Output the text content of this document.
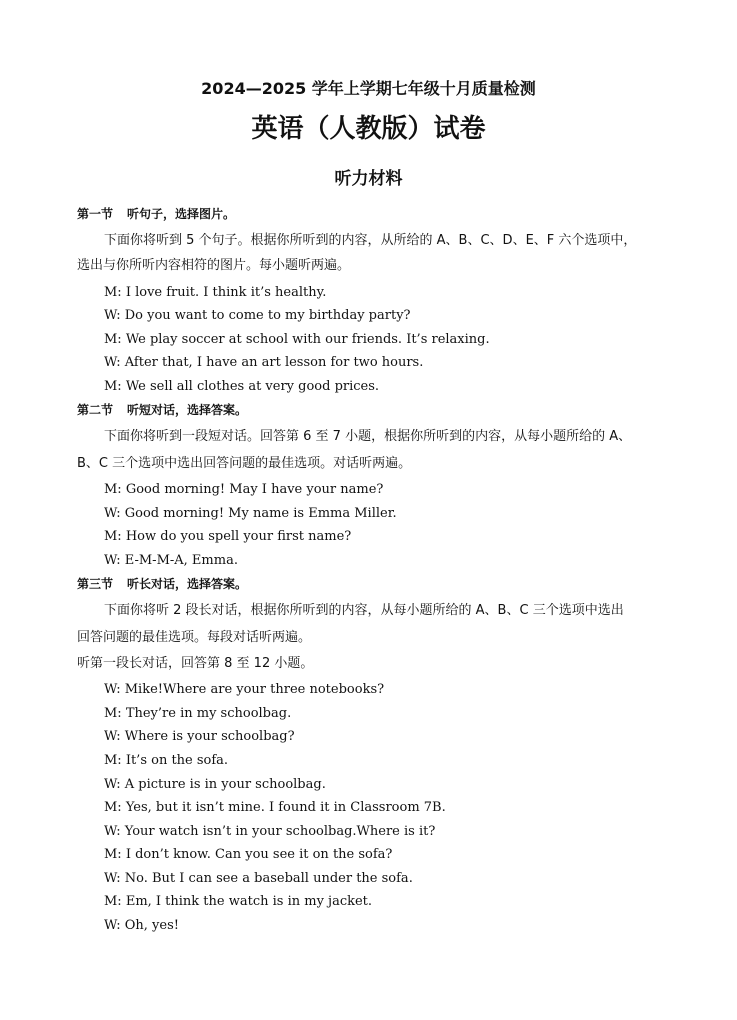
2024—2025 学年上学期七年级十月质量检测
英语（人教版）试卷
听力材料
第一节 听句子，选择图片。
下面你将听到 5 个句子。根据你所听到的内容，从所给的 A、B、C、D、E、F 六个选项中，
选出与你所听内容相符的图片。每小题听两遍。
M: I love fruit. I think it’s healthy.
W: Do you want to come to my birthday party?
M: We play soccer at school with our friends. It’s relaxing.
W: After that, I have an art lesson for two hours.
M: We sell all clothes at very good prices.
第二节 听短对话，选择答案。
下面你将听到一段短对话。回答第 6 至 7 小题，根据你所听到的内容，从每小题所给的 A、
B、C 三个选项中选出回答问题的最佳选项。对话听两遍。
M: Good morning! May I have your name?
W: Good morning! My name is Emma Miller.
M: How do you spell your first name?
W: E-M-M-A, Emma.
第三节 听长对话，选择答案。
下面你将听 2 段长对话，根据你所听到的内容，从每小题所给的 A、B、C 三个选项中选出
回答问题的最佳选项。每段对话听两遍。
听第一段长对话，回答第 8 至 12 小题。
W: Mike!Where are your three notebooks?
M: They’re in my schoolbag.
W: Where is your schoolbag?
M: It’s on the sofa.
W: A picture is in your schoolbag.
M: Yes, but it isn’t mine. I found it in Classroom 7B.
W: Your watch isn’t in your schoolbag.Where is it?
M: I don’t know. Can you see it on the sofa?
W: No. But I can see a baseball under the sofa.
M: Em, I think the watch is in my jacket.
W: Oh, yes!
